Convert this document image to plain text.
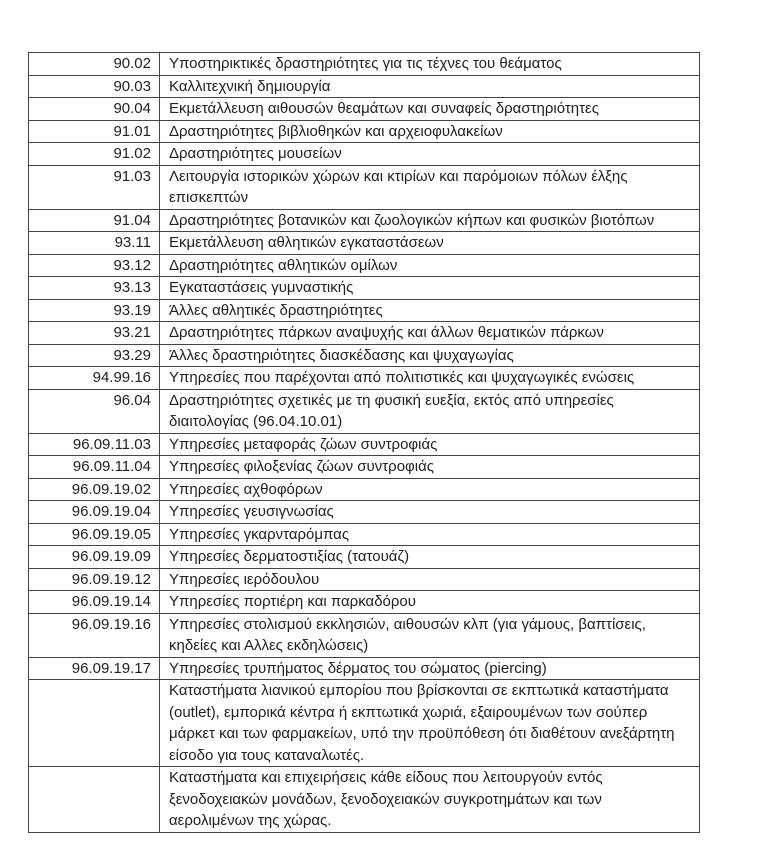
90.02	Υποστηρικτικές δραστηριότητες για τις τέχνες του θεάματος
90.03	Καλλιτεχνική δημιουργία
90.04	Εκμετάλλευση αιθουσών θεαμάτων και συναφείς δραστηριότητες
91.01	Δραστηριότητες βιβλιοθηκών και αρχειοφυλακείων
91.02	Δραστηριότητες μουσείων
91.03	Λειτουργία ιστορικών χώρων και κτιρίων και παρόμοιων πόλων έλξης επισκεπτών
91.04	Δραστηριότητες βοτανικών και ζωολογικών κήπων και φυσικών βιοτόπων
93.11	Εκμετάλλευση αθλητικών εγκαταστάσεων
93.12	Δραστηριότητες αθλητικών ομίλων
93.13	Εγκαταστάσεις γυμναστικής
93.19	Άλλες αθλητικές δραστηριότητες
93.21	Δραστηριότητες πάρκων αναψυχής και άλλων θεματικών πάρκων
93.29	Άλλες δραστηριότητες διασκέδασης και ψυχαγωγίας
94.99.16	Υπηρεσίες που παρέχονται από πολιτιστικές και ψυχαγωγικές ενώσεις
96.04	Δραστηριότητες σχετικές με τη φυσική ευεξία, εκτός από υπηρεσίες διαιτολογίας (96.04.10.01)
96.09.11.03	Υπηρεσίες μεταφοράς ζώων συντροφιάς
96.09.11.04	Υπηρεσίες φιλοξενίας ζώων συντροφιάς
96.09.19.02	Υπηρεσίες αχθοφόρων
96.09.19.04	Υπηρεσίες γευσιγνωσίας
96.09.19.05	Υπηρεσίες γκαρνταρόμπας
96.09.19.09	Υπηρεσίες δερματοστιξίας (τατουάζ)
96.09.19.12	Υπηρεσίες ιερόδουλου
96.09.19.14	Υπηρεσίες πορτιέρη και παρκαδόρου
96.09.19.16	Υπηρεσίες στολισμού εκκλησιών, αιθουσών κλπ (για γάμους, βαπτίσεις, κηδείες και Αλλες εκδηλώσεις)
96.09.19.17	Υπηρεσίες τρυπήματος δέρματος του σώματος (piercing)
	Καταστήματα λιανικού εμπορίου που βρίσκονται σε εκπτωτικά καταστήματα (outlet), εμπορικά κέντρα ή εκπτωτικά χωριά, εξαιρουμένων των σούπερ μάρκετ και των φαρμακείων, υπό την προϋπόθεση ότι διαθέτουν ανεξάρτητη είσοδο για τους καταναλωτές.
	Καταστήματα και επιχειρήσεις κάθε είδους που λειτουργούν εντός ξενοδοχειακών μονάδων, ξενοδοχειακών συγκροτημάτων και των αερολιμένων της χώρας.
